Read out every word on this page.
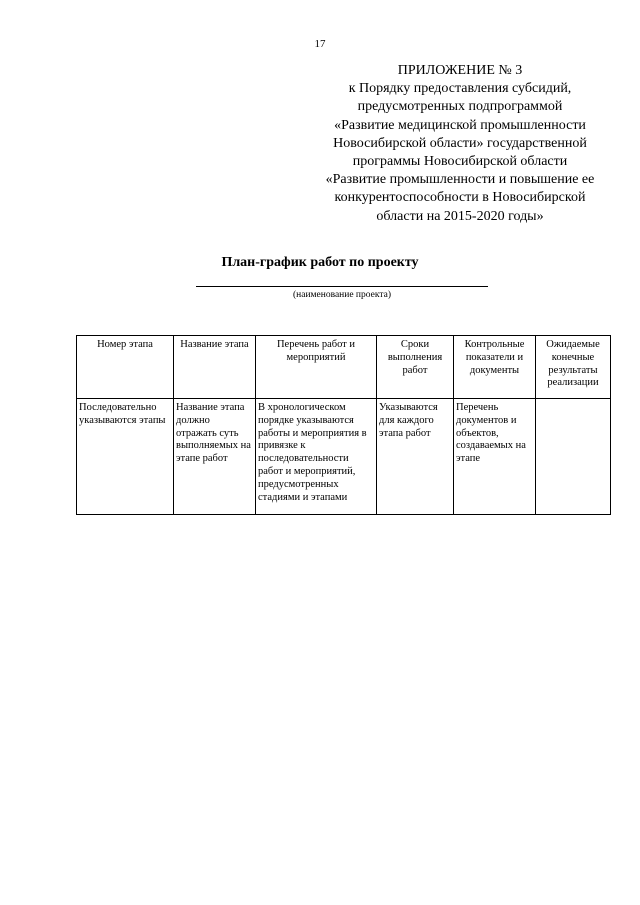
17
ПРИЛОЖЕНИЕ № 3
к Порядку предоставления субсидий,
предусмотренных подпрограммой
«Развитие медицинской промышленности
Новосибирской области» государственной
программы Новосибирской области
«Развитие промышленности и повышение ее
конкурентоспособности в Новосибирской
области на 2015-2020 годы»
План-график работ по проекту
(наименование проекта)
Номер этапа	Название этапа	Перечень работ и мероприятий	Сроки выполнения работ	Контрольные показатели и документы	Ожидаемые конечные результаты реализации
Последовательно указываются этапы	Название этапа должно отражать суть выполняемых на этапе работ	В хронологическом порядке указываются работы и мероприятия в привязке к последовательности работ и мероприятий, предусмотренных стадиями и этапами	Указываются для каждого этапа работ	Перечень документов и объектов, создаваемых на этапе	
